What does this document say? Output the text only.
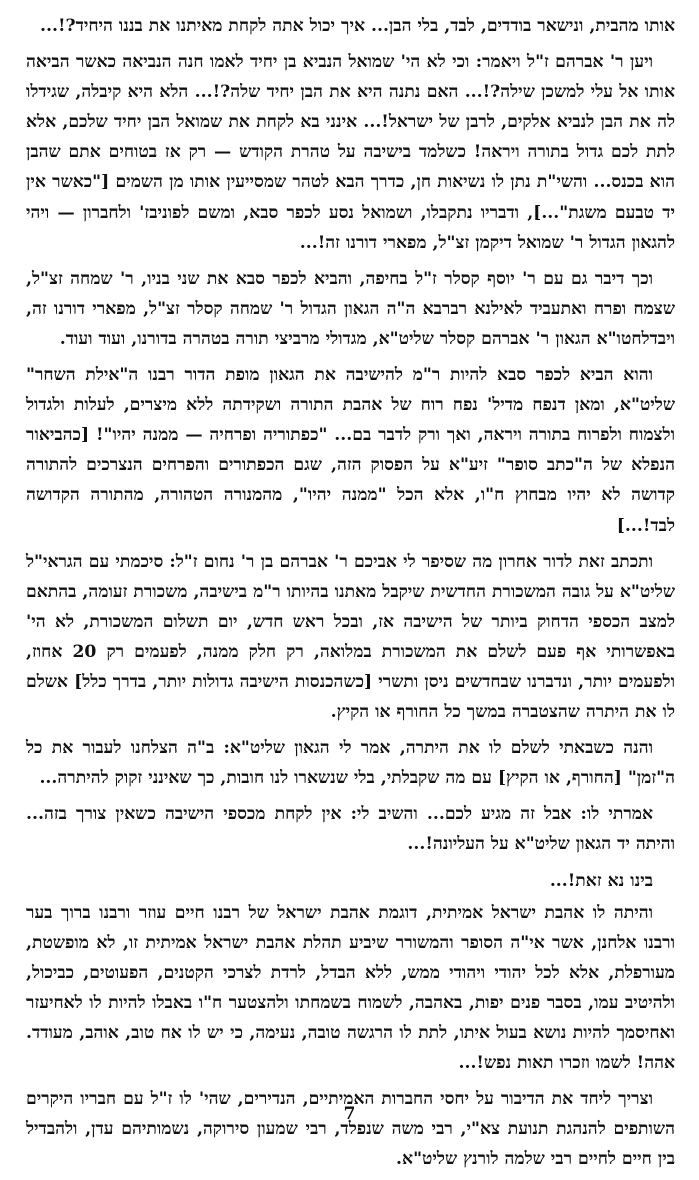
אותו מהבית, ונישאר בודדים, לבד, בלי הבן... איך יכול אתה לקחת מאיתנו את בננו היחיד?!...

ויען ר' אברהם ז"ל ויאמר: וכי לא הי' שמואל הנביא בן יחיד לאמו חנה הנביאה כאשר הביאה אותו אל עלי למשכן שילה?!... האם נתנה היא את הבן יחיד שלה?!... הלא היא קיבלה, שגידלו לה את הבן לנביא אלקים, לרבן של ישראל!... אינני בא לקחת את שמואל הבן יחיד שלכם, אלא לתת לכם גדול בתורה ויראה! כשלמד בישיבה על טהרת הקודש — רק אז בטוחים אתם שהבן הוא בכנס... והשי"ת נתן לו נשיאות חן, כדרך הבא לטהר שמסייעין אותו מן השמים ["כאשר אין יד טבעם משגת"...], ודבריו נתקבלו, ושמואל נסע לכפר סבא, ומשם לפוניבז' ולחברון — ויהי להגאון הגדול ר' שמואל דיקמן זצ"ל, מפארי דורנו זה!...

וכך דיבר גם עם ר' יוסף קסלר ז"ל בחיפה, והביא לכפר סבא את שני בניו, ר' שמחה זצ"ל, שצמח ופרח ואתעביד לאילנא רברבא ה"ה הגאון הגדול ר' שמחה קסלר זצ"ל, מפארי דורנו זה, ויבדלחטו"א הגאון ר' אברהם קסלר שליט"א, מגדולי מרביצי תורה בטהרה בדורנו, ועוד ועוד.

והוא הביא לכפר סבא להיות ר"מ להישיבה את הגאון מופת הדור רבנו ה"אילת השחר" שליט"א, ומאן דנפח מדיל' נפח רוח של אהבת התורה ושקידתה ללא מיצרים, לעלות ולגדול ולצמוח ולפרוח בתורה ויראה, ואך ורק לדבר בם... "כפתוריה ופרחיה — ממנה יהיו"! [כהביאור הנפלא של ה"כתב סופר" זיע"א על הפסוק הזה, שגם הכפתורים והפרחים הנצרכים להתורה קדושה לא יהיו מבחוץ ח"ו, אלא הכל "ממנה יהיו", מהמנורה הטהורה, מהתורה הקדושה לבד!...]

ותכתב זאת לדור אחרון מה שסיפר לי אביכם ר' אברהם בן ר' נחום ז"ל: סיכמתי עם הגראי"ל שליט"א על גובה המשכורת החדשית שיקבל מאתנו בהיותו ר"מ בישיבה, משכורת זעומה, בהתאם למצב הכספי הדחוק ביותר של הישיבה אז, ובכל ראש חדש, יום תשלום המשכורת, לא הי' באפשרותי אף פעם לשלם את המשכורת במלואה, רק חלק ממנה, לפעמים רק 20 אחוז, ולפעמים יותר, ונדברנו שבחדשים ניסן ותשרי [כשהכנסות הישיבה גדולות יותר, בדרך כלל] אשלם לו את היתרה שהצטברה במשך כל החורף או הקיץ.

והנה כשבאתי לשלם לו את היתרה, אמר לי הגאון שליט"א: ב"ה הצלחנו לעבור את כל ה"זמן" [החורף, או הקיץ] עם מה שקבלתי, בלי שנשארו לנו חובות, כך שאינני זקוק להיתרה...

אמרתי לו: אבל זה מגיע לכם... והשיב לי: אין לקחת מכספי הישיבה כשאין צורך בזה... והיתה יד הגאון שליט"א על העליונה!...

בינו נא זאת!...

והיתה לו אהבת ישראל אמיתית, דוגמת אהבת ישראל של רבנו חיים עוזר ורבנו ברוך בער ורבנו אלחנן, אשר אי"ה הסופר והמשורר שיביע תהלת אהבת ישראל אמיתית זו, לא מופשטת, מעורפלת, אלא לכל יהודי ויהודי ממש, ללא הבדל, לרדת לצרכי הקטנים, הפעוטים, כביכול, ולהיטיב עמו, בסבר פנים יפות, באהבה, לשמוח בשמחתו ולהצטער ח"ו באבלו להיות לו לאחיעזר ואחיסמך להיות נושא בעול איתו, לתת לו הרגשה טובה, נעימה, כי יש לו אח טוב, אוהב, מעודד. אהה! לשמו וזכרו תאות נפש!...

וצריך ליחד את הדיבור על יחסי החברות האמיתיים, הנדירים, שהי' לו ז"ל עם חבריו היקרים השותפים להנהגת תנועת צא"י, רבי משה שנפלד, רבי שמעון סירוקה, נשמותיהם עדן, ולהבדיל בין חיים לחיים רבי שלמה לורנץ שליט"א.

7
